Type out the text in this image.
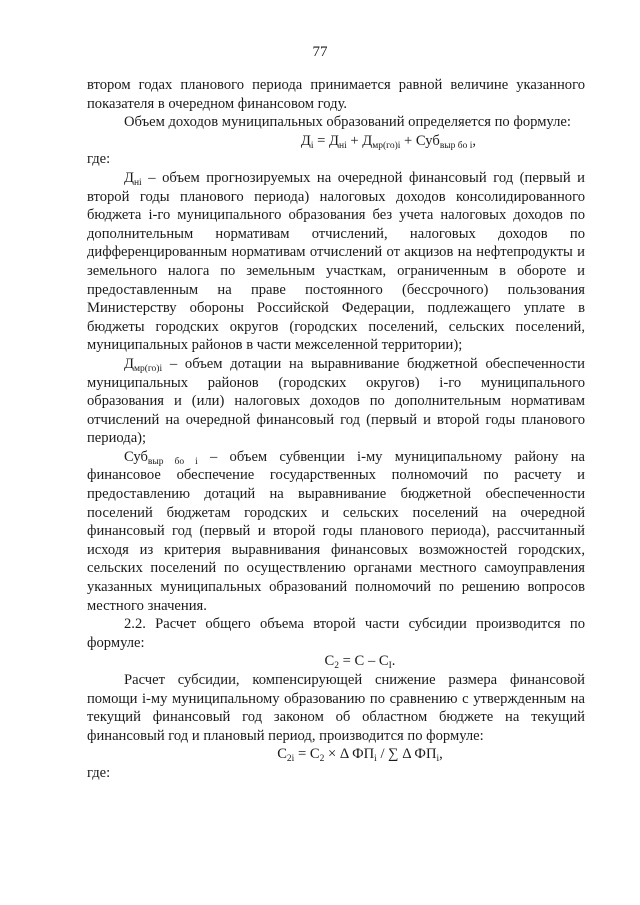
77

втором годах планового периода принимается равной величине указанного показателя в очередном финансовом году.

Объем доходов муниципальных образований определяется по формуле:

$Д_i = Д_{нi} + Д_{мр(го)i} + Суб_{выр бо i}$,

где:

$Д_{нi}$ – объем прогнозируемых на очередной финансовый год (первый и второй годы планового периода) налоговых доходов консолидированного бюджета i-го муниципального образования без учета налоговых доходов по дополнительным нормативам отчислений, налоговых доходов по дифференцированным нормативам отчислений от акцизов на нефтепродукты и земельного налога по земельным участкам, ограниченным в обороте и предоставленным на праве постоянного (бессрочного) пользования Министерству обороны Российской Федерации, подлежащего уплате в бюджеты городских округов (городских поселений, сельских поселений, муниципальных районов в части межселенной территории);

$Д_{мр(го)i}$ – объем дотации на выравнивание бюджетной обеспеченности муниципальных районов (городских округов) i-го муниципального образования и (или) налоговых доходов по дополнительным нормативам отчислений на очередной финансовый год (первый и второй годы планового периода);

Суб$_{выр бо i}$ – объем субвенции i-му муниципальному району на финансовое обеспечение государственных полномочий по расчету и предоставлению дотаций на выравнивание бюджетной обеспеченности поселений бюджетам городских и сельских поселений на очередной финансовый год (первый и второй годы планового периода), рассчитанный исходя из критерия выравнивания финансовых возможностей городских, сельских поселений по осуществлению органами местного самоуправления указанных муниципальных образований полномочий по решению вопросов местного значения.

2.2. Расчет общего объема второй части субсидии производится по формуле:

$C_2 = C - C_I$.

Расчет субсидии, компенсирующей снижение размера финансовой помощи i-му муниципальному образованию по сравнению с утвержденным на текущий финансовый год законом об областном бюджете на текущий финансовый год и плановый период, производится по формуле:

$C_{2i} = C_2 \times \Delta$ $ФП_i$ / ∑ Δ $ФП_i$,

где:
